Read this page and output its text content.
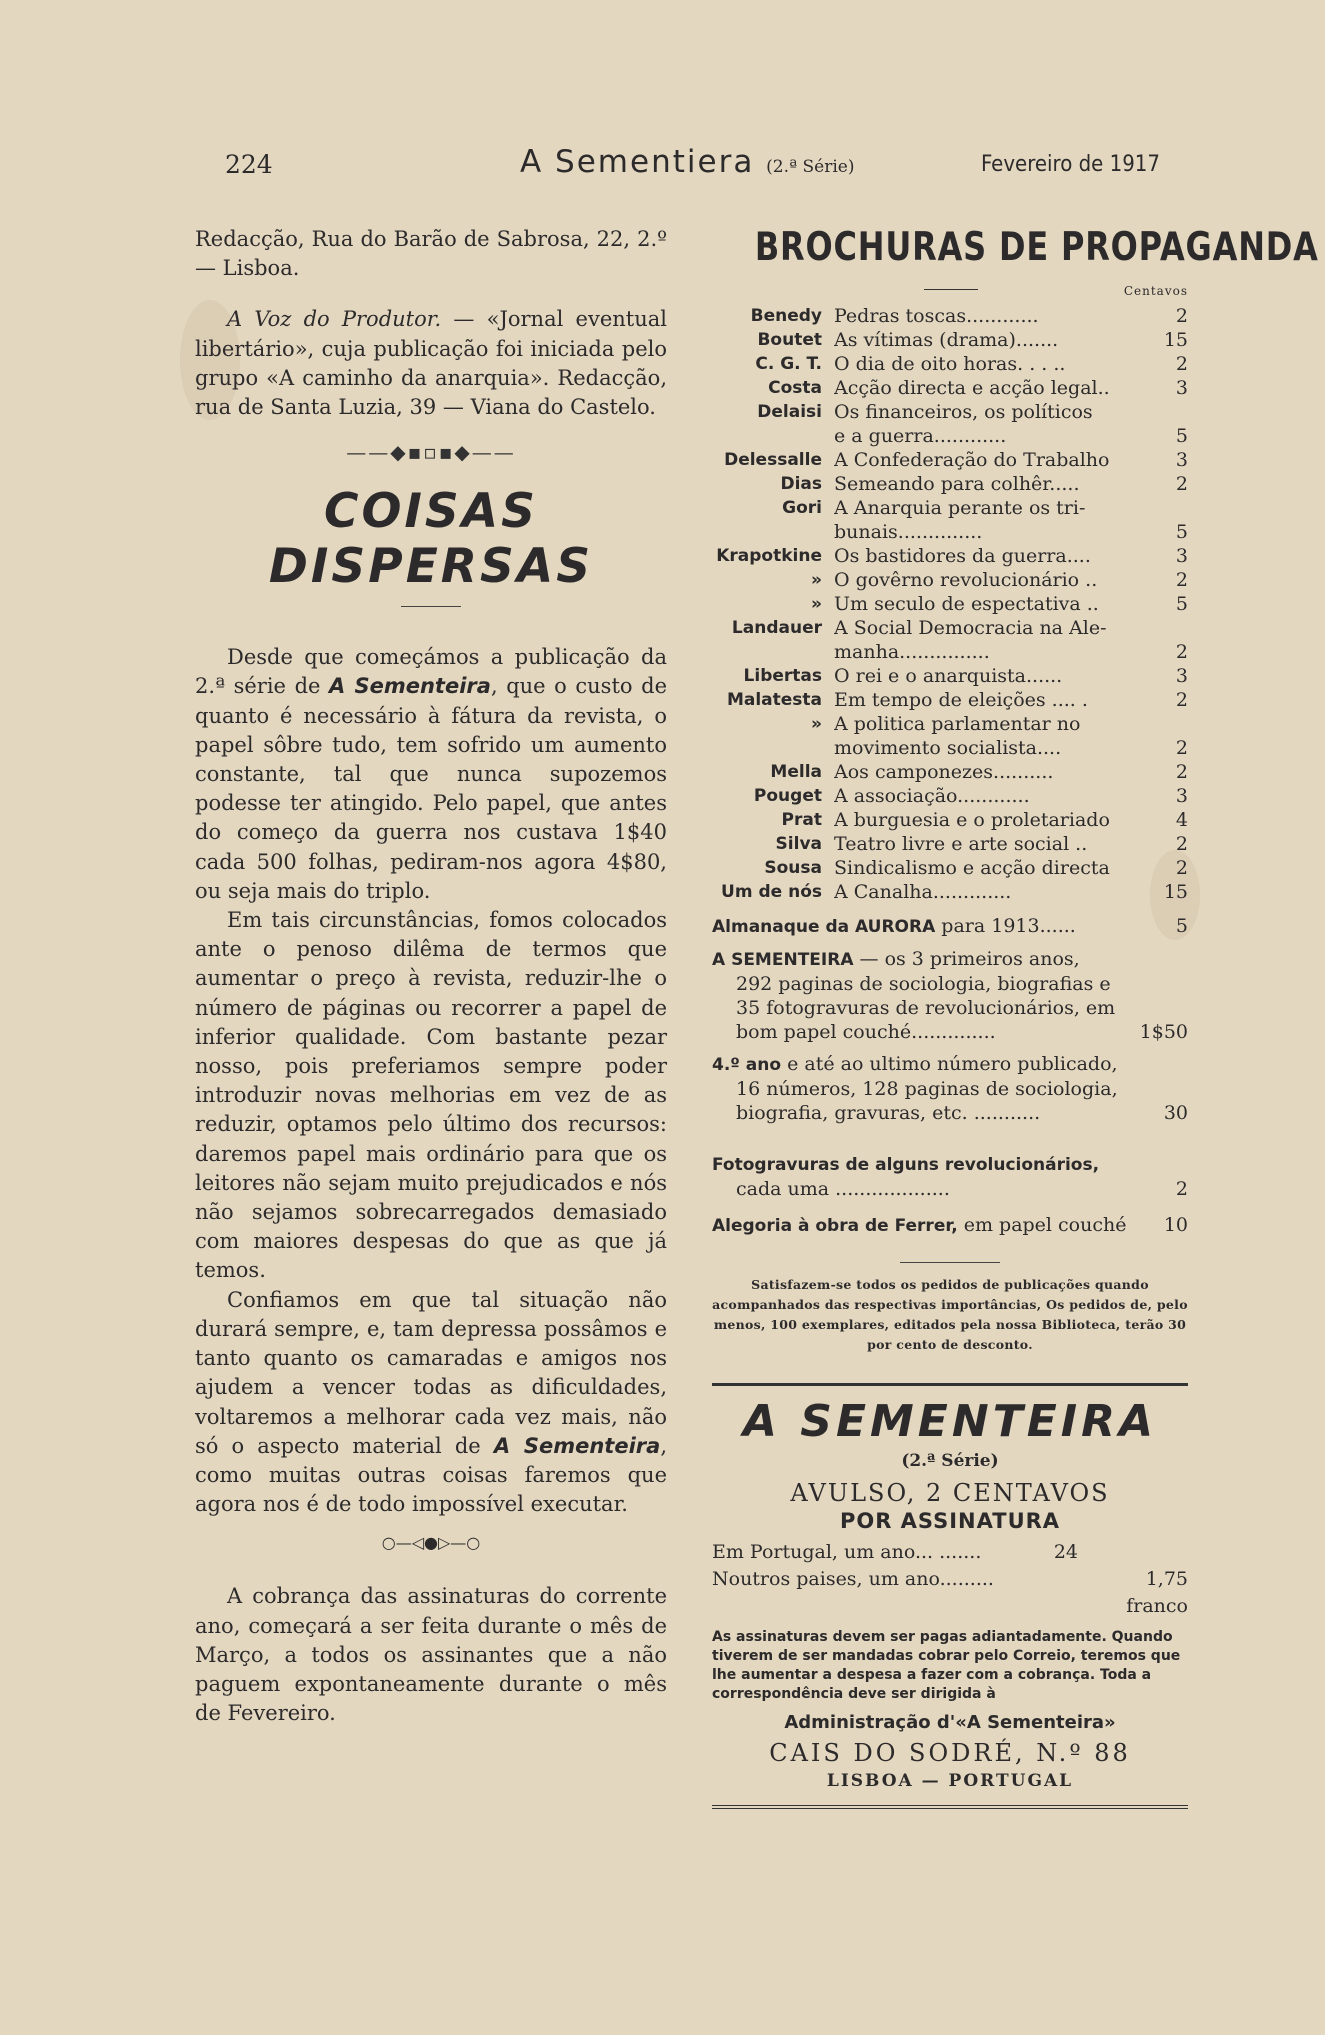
224	A Sementiera (2.ª Série)	Fevereiro de 1917

Redacção, Rua do Barão de Sabrosa, 22, 2.º — Lisboa.

A Voz do Produtor. — «Jornal eventual libertário», cuja publicação foi iniciada pelo grupo «A caminho da anarquia». Redacção, rua de Santa Luzia, 39 — Viana do Castelo.

——◆▪▫▪◆——
COISAS DISPERSAS

Desde que começámos a publicação da 2.ª série de A Sementeira, que o custo de quanto é necessário à fátura da revista, o papel sôbre tudo, tem sofrido um aumento constante, tal que nunca supozemos podesse ter atingido. Pelo papel, que antes do começo da guerra nos custava 1$40 cada 500 folhas, pediram-nos agora 4$80, ou seja mais do triplo.

Em tais circunstâncias, fomos colocados ante o penoso dilêma de termos que aumentar o preço à revista, reduzir-lhe o número de páginas ou recorrer a papel de inferior qualidade. Com bastante pezar nosso, pois preferiamos sempre poder introduzir novas melhorias em vez de as reduzir, optamos pelo último dos recursos: daremos papel mais ordinário para que os leitores não sejam muito prejudicados e nós não sejamos sobrecarregados demasiado com maiores despesas do que as que já temos.

Confiamos em que tal situação não durará sempre, e, tam depressa possâmos e tanto quanto os camaradas e amigos nos ajudem a vencer todas as dificuldades, voltaremos a melhorar cada vez mais, não só o aspecto material de A Sementeira, como muitas outras coisas faremos que agora nos é de todo impossível executar.

○—◁●▷—○

A cobrança das assinaturas do corrente ano, começará a ser feita durante o mês de Março, a todos os assinantes que a não paguem expontaneamente durante o mês de Fevereiro.

BROCHURAS DE PROPAGANDA
Centavos
Benedy Pedras toscas............	2
Boutet As vítimas (drama).......	15
C. G. T. O dia de oito horas. . . ..	2
Costa Acção directa e acção legal..	3
Delaisi Os financeiros, os políticos
e a guerra............	5
Delessalle A Confederação do Trabalho	3
Dias Semeando para colhêr.....	2
Gori A Anarquia perante os tri-
bunais..............	5
Krapotkine Os bastidores da guerra....	3
» O govêrno revolucionário ..	2
» Um seculo de espectativa ..	5
Landauer A Social Democracia na Ale-
manha...............	2
Libertas O rei e o anarquista......	3
Malatesta Em tempo de eleições .... .	2
» A politica parlamentar no
movimento socialista....	2
Mella Aos camponezes..........	2
Pouget A associação............	3
Prat A burguesia e o proletariado	4
Silva Teatro livre e arte social ..	2
Sousa Sindicalismo e acção directa	2
Um de nós A Canalha.............	15
Almanaque da AURORA para 1913......	5
A SEMENTEIRA — os 3 primeiros anos,
292 paginas de sociologia, biografias e
35 fotogravuras de revolucionários, em
bom papel couché..............	1$50
4.º ano e até ao ultimo número publicado,
16 números, 128 paginas de sociologia,
biografia, gravuras, etc. ...........	30
Fotogravuras de alguns revolucionários,
cada uma ...................	2
Alegoria à obra de Ferrer, em papel couché	10

Satisfazem-se todos os pedidos de publicações quando acompanhados das respectivas importâncias, Os pedidos de, pelo menos, 100 exemplares, editados pela nossa Biblioteca, terão 30 por cento de desconto.

A SEMENTEIRA
(2.ª Série)
AVULSO, 2 CENTAVOS
POR ASSINATURA
Em Portugal, um ano... .......	24
Noutros paises, um ano.........	1,75 franco
As assinaturas devem ser pagas adiantadamente. Quando tiverem de ser mandadas cobrar pelo Correio, teremos que lhe aumentar a despesa a fazer com a cobrança. Toda a correspondência deve ser dirigida à
Administração d'«A Sementeira»
CAIS DO SODRÉ, N.º 88
LISBOA — PORTUGAL
